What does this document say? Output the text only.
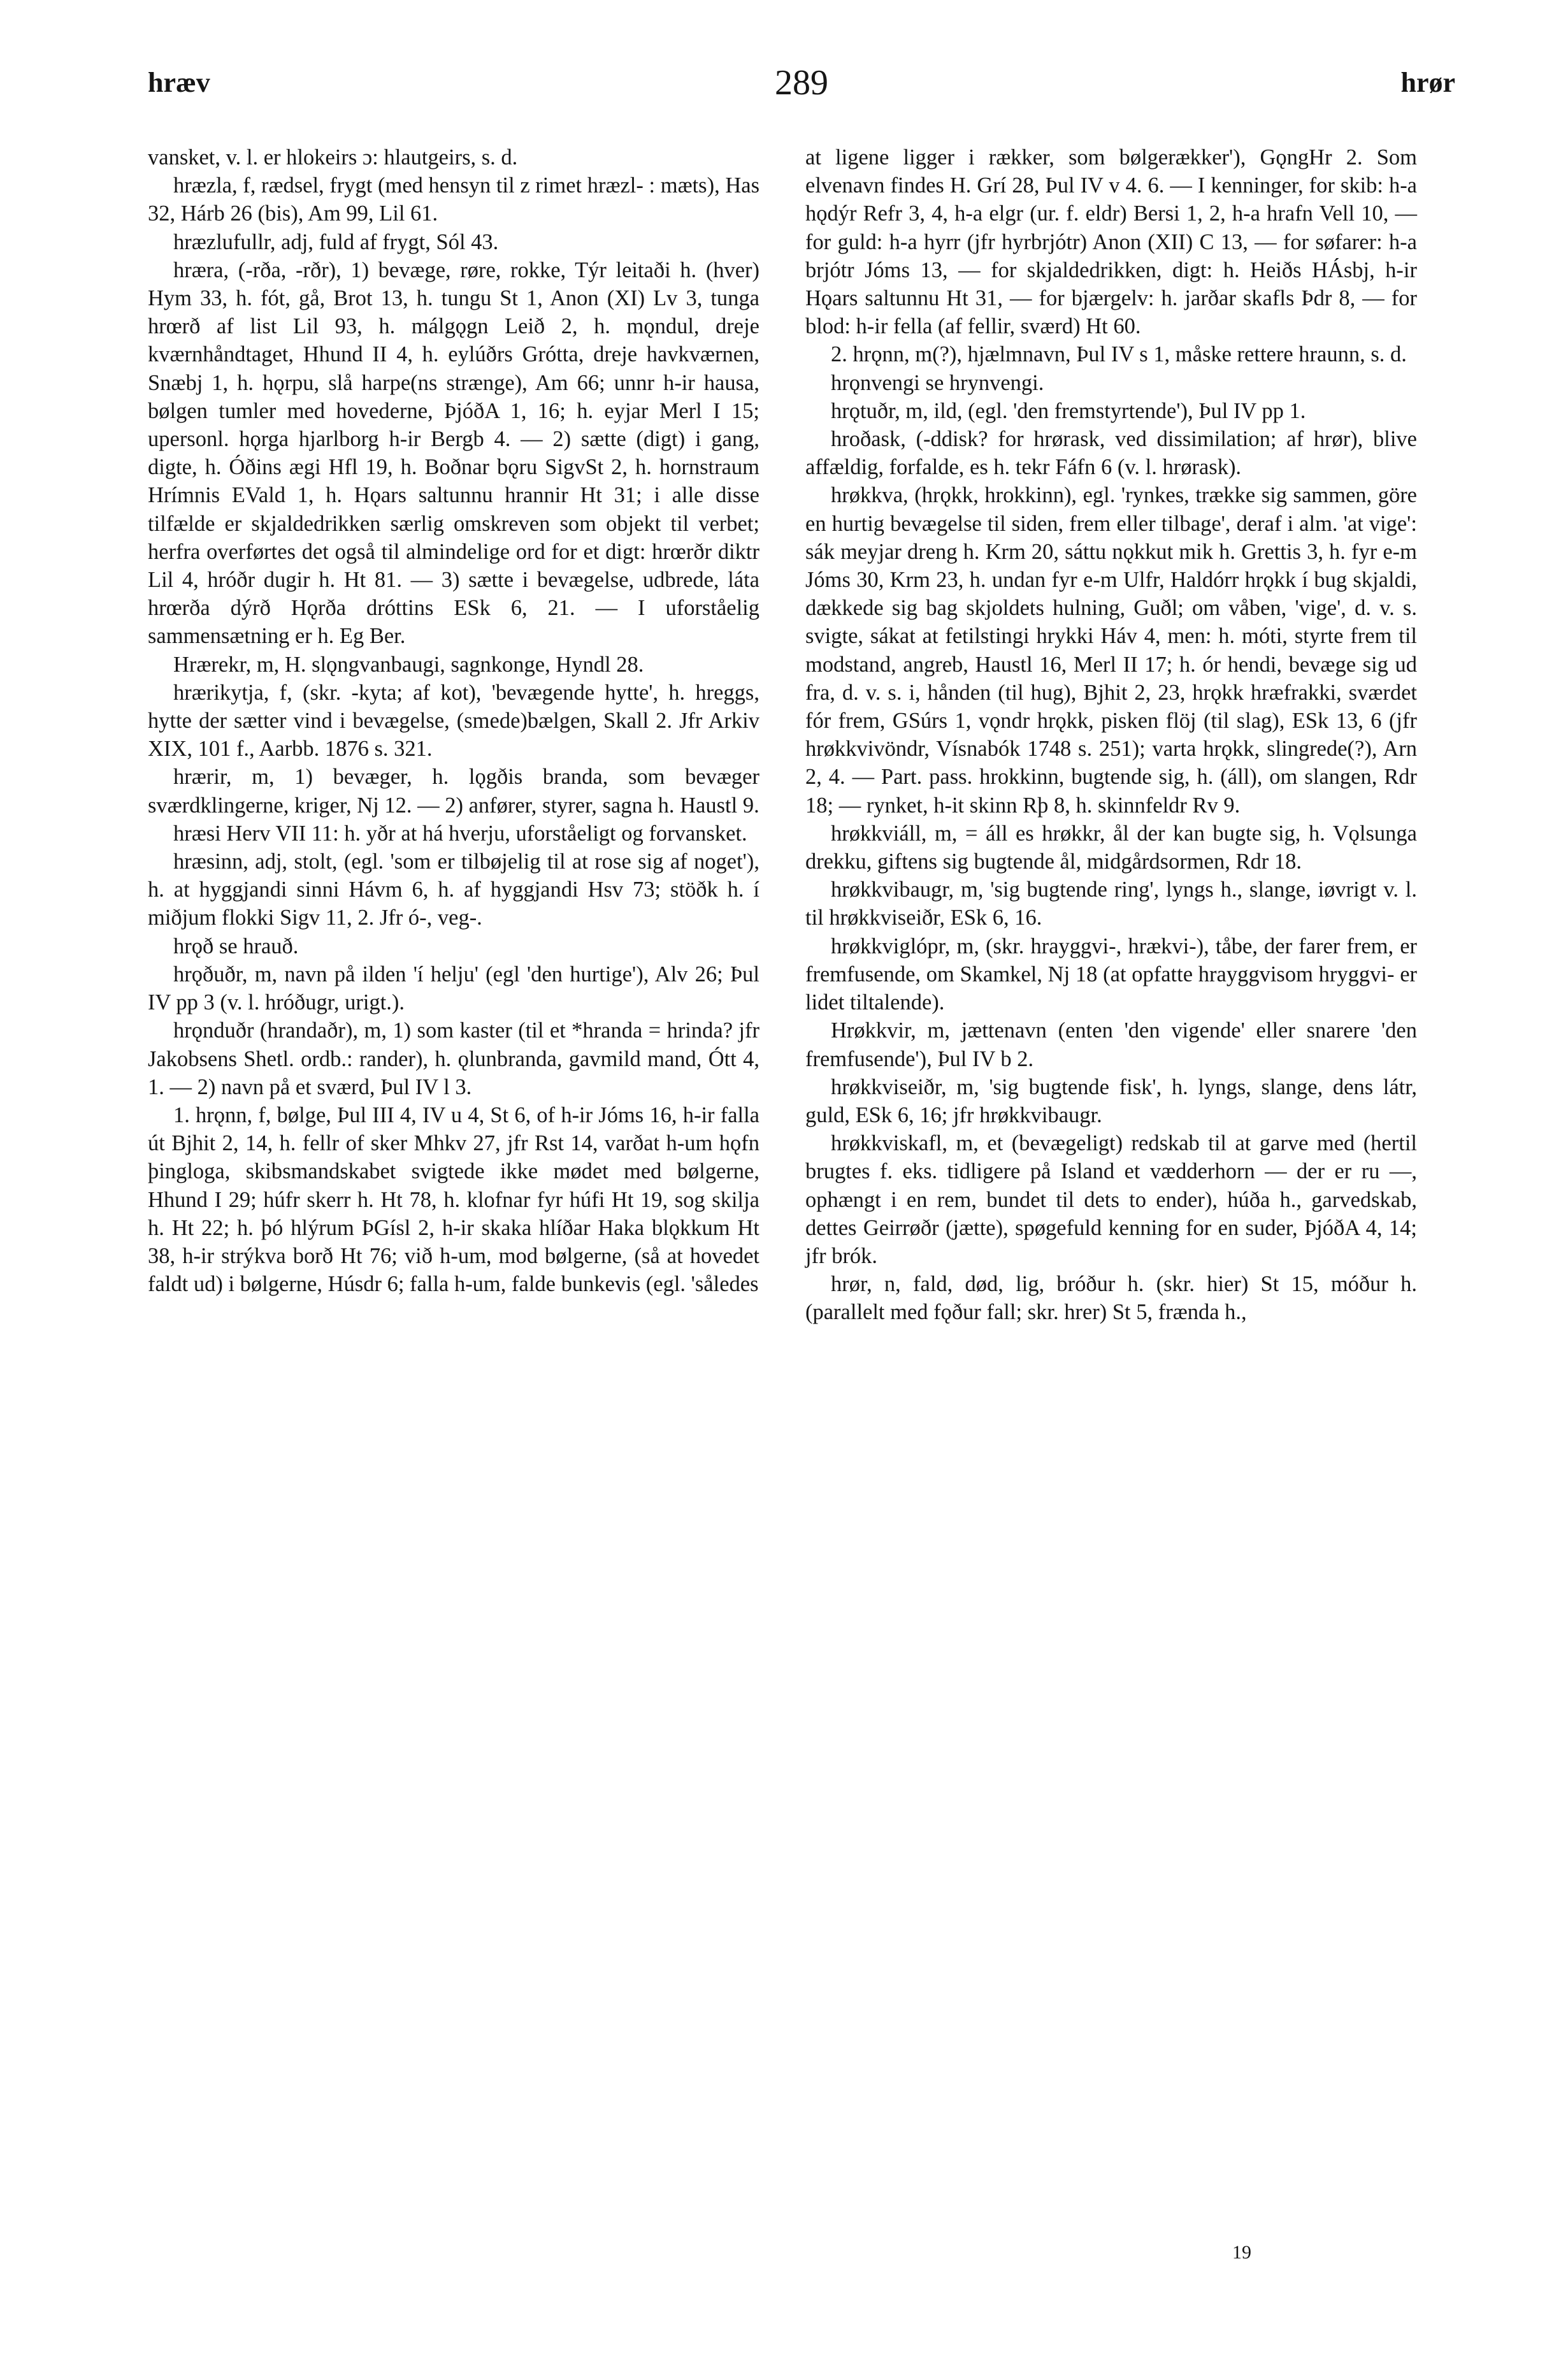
hræv	289	hrør

vansket, v. l. er hlokeirs ɔ: hlautgeirs, s. d.

hræzla, f, rædsel, frygt (med hensyn til z rimet hræzl- : mæts), Has 32, Hárb 26 (bis), Am 99, Lil 61.

hræzlufullr, adj, fuld af frygt, Sól 43.

hræra, (-rða, -rðr), 1) bevæge, røre, rokke, Týr leitaði h. (hver) Hym 33, h. fót, gå, Brot 13, h. tungu St 1, Anon (XI) Lv 3, tunga hrœrð af list Lil 93, h. málgǫgn Leið 2, h. mǫndul, dreje kværnhåndtaget, Hhund II 4, h. eylúðrs Grótta, dreje havkværnen, Snæbj 1, h. hǫrpu, slå harpe(ns strænge), Am 66; unnr h-ir hausa, bølgen tumler med hovederne, ÞjóðA 1, 16; h. eyjar Merl I 15; upersonl. hǫrga hjarlborg h-ir Bergb 4. — 2) sætte (digt) i gang, digte, h. Óðins ægi Hfl 19, h. Boðnar bǫru SigvSt 2, h. hornstraum Hrímnis EVald 1, h. Hǫars saltunnu hrannir Ht 31; i alle disse tilfælde er skjaldedrikken særlig omskreven som objekt til verbet; herfra overførtes det også til almindelige ord for et digt: hrœrðr diktr Lil 4, hróðr dugir h. Ht 81. — 3) sætte i bevægelse, udbrede, láta hrœrða dýrð Hǫrða dróttins ESk 6, 21. — I uforståelig sammensætning er h. Eg Ber.

Hrærekr, m, H. slǫngvanbaugi, sagnkonge, Hyndl 28.

hrærikytja, f, (skr. -kyta; af kot), 'bevægende hytte', h. hreggs, hytte der sætter vind i bevægelse, (smede)bælgen, Skall 2. Jfr Arkiv XIX, 101 f., Aarbb. 1876 s. 321.

hrærir, m, 1) bevæger, h. lǫgðis branda, som bevæger sværdklingerne, kriger, Nj 12. — 2) anfører, styrer, sagna h. Haustl 9.

hræsi Herv VII 11: h. yðr at há hverju, uforståeligt og forvansket.

hræsinn, adj, stolt, (egl. 'som er tilbøjelig til at rose sig af noget'), h. at hyggjandi sinni Hávm 6, h. af hyggjandi Hsv 73; stöðk h. í miðjum flokki Sigv 11, 2. Jfr ó-, veg-.

hrǫð se hrauð.

hrǫðuðr, m, navn på ilden 'í helju' (egl 'den hurtige'), Alv 26; Þul IV pp 3 (v. l. hróðugr, urigt.).

hrǫnduðr (hrandaðr), m, 1) som kaster (til et *hranda = hrinda? jfr Jakobsens Shetl. ordb.: rander), h. ǫlunbranda, gavmild mand, Ótt 4, 1. — 2) navn på et sværd, Þul IV l 3.

1. hrǫnn, f, bølge, Þul III 4, IV u 4, St 6, of h-ir Jóms 16, h-ir falla út Bjhit 2, 14, h. fellr of sker Mhkv 27, jfr Rst 14, varðat h-um hǫfn þingloga, skibsmandskabet svigtede ikke mødet med bølgerne, Hhund I 29; húfr skerr h. Ht 78, h. klofnar fyr húfi Ht 19, sog skilja h. Ht 22; h. þó hlýrum ÞGísl 2, h-ir skaka hlíðar Haka blǫkkum Ht 38, h-ir strýkva borð Ht 76; við h-um, mod bølgerne, (så at hovedet faldt ud) i bølgerne, Húsdr 6; falla h-um, falde bunkevis (egl. 'således

at ligene ligger i rækker, som bølgerækker'), GǫngHr 2. Som elvenavn findes H. Grí 28, Þul IV v 4. 6. — I kenninger, for skib: h-a hǫdýr Refr 3, 4, h-a elgr (ur. f. eldr) Bersi 1, 2, h-a hrafn Vell 10, — for guld: h-a hyrr (jfr hyrbrjótr) Anon (XII) C 13, — for søfarer: h-a brjótr Jóms 13, — for skjaldedrikken, digt: h. Heiðs HÁsbj, h-ir Hǫars saltunnu Ht 31, — for bjærgelv: h. jarðar skafls Þdr 8, — for blod: h-ir fella (af fellir, sværd) Ht 60.

2. hrǫnn, m(?), hjælmnavn, Þul IV s 1, måske rettere hraunn, s. d.

hrǫnvengi se hrynvengi.

hrǫtuðr, m, ild, (egl. 'den fremstyrtende'), Þul IV pp 1.

hroðask, (-ddisk? for hrørask, ved dissimilation; af hrør), blive affældig, forfalde, es h. tekr Fáfn 6 (v. l. hrørask).

hrøkkva, (hrǫkk, hrokkinn), egl. 'rynkes, trække sig sammen, göre en hurtig bevægelse til siden, frem eller tilbage', deraf i alm. 'at vige': sák meyjar dreng h. Krm 20, sáttu nǫkkut mik h. Grettis 3, h. fyr e-m Jóms 30, Krm 23, h. undan fyr e-m Ulfr, Haldórr hrǫkk í bug skjaldi, dækkede sig bag skjoldets hulning, Guðl; om våben, 'vige', d. v. s. svigte, sákat at fetilstingi hrykki Háv 4, men: h. móti, styrte frem til modstand, angreb, Haustl 16, Merl II 17; h. ór hendi, bevæge sig ud fra, d. v. s. i, hånden (til hug), Bjhit 2, 23, hrǫkk hræfrakki, sværdet fór frem, GSúrs 1, vǫndr hrǫkk, pisken flöj (til slag), ESk 13, 6 (jfr hrøkkvivöndr, Vísnabók 1748 s. 251); varta hrǫkk, slingrede(?), Arn 2, 4. — Part. pass. hrokkinn, bugtende sig, h. (áll), om slangen, Rdr 18; — rynket, h-it skinn Rþ 8, h. skinnfeldr Rv 9.

hrøkkviáll, m, = áll es hrøkkr, ål der kan bugte sig, h. Vǫlsunga drekku, giftens sig bugtende ål, midgårdsormen, Rdr 18.

hrøkkvibaugr, m, 'sig bugtende ring', lyngs h., slange, iøvrigt v. l. til hrøkkviseiðr, ESk 6, 16.

hrøkkviglópr, m, (skr. hrayggvi-, hrækvi-), tåbe, der farer frem, er fremfusende, om Skamkel, Nj 18 (at opfatte hrayggvisom hryggvi- er lidet tiltalende).

Hrøkkvir, m, jættenavn (enten 'den vigende' eller snarere 'den fremfusende'), Þul IV b 2.

hrøkkviseiðr, m, 'sig bugtende fisk', h. lyngs, slange, dens látr, guld, ESk 6, 16; jfr hrøkkvibaugr.

hrøkkviskafl, m, et (bevægeligt) redskab til at garve med (hertil brugtes f. eks. tidligere på Island et vædderhorn — der er ru —, ophængt i en rem, bundet til dets to ender), húða h., garvedskab, dettes Geirrøðr (jætte), spøgefuld kenning for en suder, ÞjóðA 4, 14; jfr brók.

hrør, n, fald, død, lig, bróður h. (skr. hier) St 15, móður h. (parallelt med fǫður fall; skr. hrer) St 5, frænda h.,

19
